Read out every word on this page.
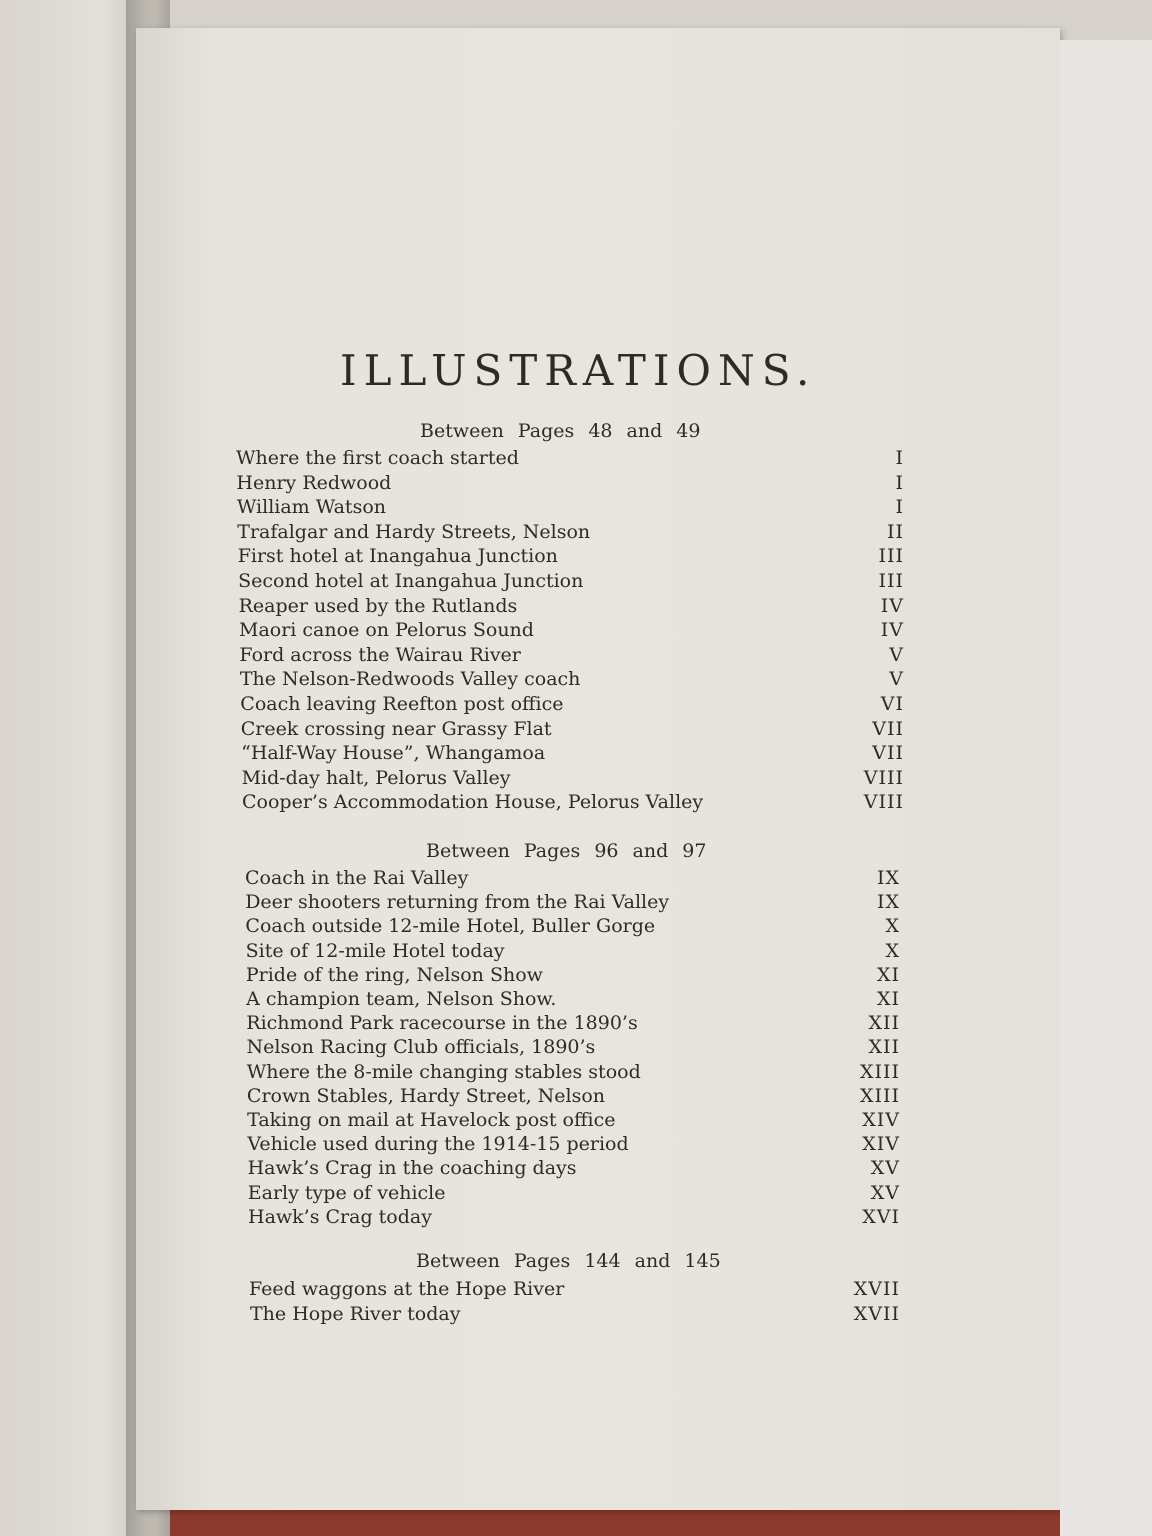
ILLUSTRATIONS.
Between Pages 48 and 49
Where the first coach started	I
Henry Redwood	I
William Watson	I
Trafalgar and Hardy Streets, Nelson	II
First hotel at Inangahua Junction	III
Second hotel at Inangahua Junction	III
Reaper used by the Rutlands	IV
Maori canoe on Pelorus Sound	IV
Ford across the Wairau River	V
The Nelson-Redwoods Valley coach	V
Coach leaving Reefton post office	VI
Creek crossing near Grassy Flat	VII
“Half-Way House”, Whangamoa	VII
Mid-day halt, Pelorus Valley	VIII
Cooper’s Accommodation House, Pelorus Valley	VIII
Between Pages 96 and 97
Coach in the Rai Valley	IX
Deer shooters returning from the Rai Valley	IX
Coach outside 12-mile Hotel, Buller Gorge	X
Site of 12-mile Hotel today	X
Pride of the ring, Nelson Show	XI
A champion team, Nelson Show.	XI
Richmond Park racecourse in the 1890’s	XII
Nelson Racing Club officials, 1890’s	XII
Where the 8-mile changing stables stood	XIII
Crown Stables, Hardy Street, Nelson	XIII
Taking on mail at Havelock post office	XIV
Vehicle used during the 1914-15 period	XIV
Hawk’s Crag in the coaching days	XV
Early type of vehicle	XV
Hawk’s Crag today	XVI
Between Pages 144 and 145
Feed waggons at the Hope River	XVII
The Hope River today	XVII
